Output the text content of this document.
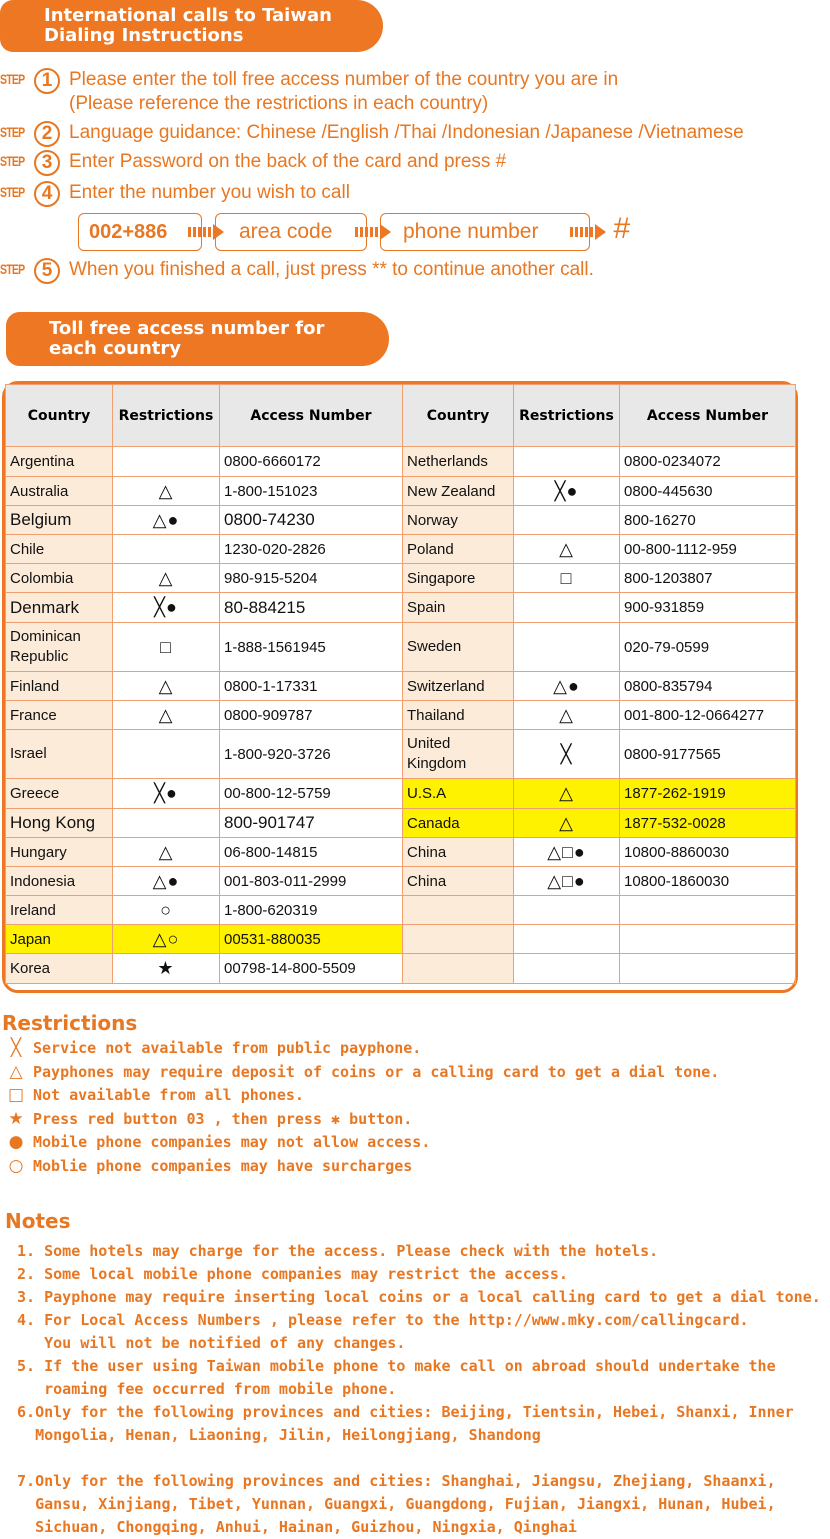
International calls to Taiwan
Dialing Instructions
STEP 1 Please enter the toll free access number of the country you are in
(Please reference the restrictions in each country)
STEP 2 Language guidance: Chinese /English /Thai /Indonesian /Japanese /Vietnamese
STEP 3 Enter Password on the back of the card and press #
STEP 4 Enter the number you wish to call
002+886	area code	phone number	#
STEP 5 When you finished a call, just press ** to continue another call.
Toll free access number for
each country
Country	Restrictions	Access Number	Country	Restrictions	Access Number
Argentina		0800-6660172	Netherlands		0800-0234072
Australia	△	1-800-151023	New Zealand	╳●	0800-445630
Belgium	△●	0800-74230	Norway		800-16270
Chile		1230-020-2826	Poland	△	00-800-1112-959
Colombia	△	980-915-5204	Singapore	□	800-1203807
Denmark	╳●	80-884215	Spain		900-931859
Dominican Republic	□	1-888-1561945	Sweden		020-79-0599
Finland	△	0800-1-17331	Switzerland	△●	0800-835794
France	△	0800-909787	Thailand	△	001-800-12-0664277
Israel		1-800-920-3726	United Kingdom	╳	0800-9177565
Greece	╳●	00-800-12-5759	U.S.A	△	1877-262-1919
Hong Kong		800-901747	Canada	△	1877-532-0028
Hungary	△	06-800-14815	China	△□●	10800-8860030
Indonesia	△●	001-803-011-2999	China	△□●	10800-1860030
Ireland	○	1-800-620319			
Japan	△○	00531-880035			
Korea	★	00798-14-800-5509			
Restrictions
╳ Service not available from public payphone.
△ Payphones may require deposit of coins or a calling card to get a dial tone.
□ Not available from all phones.
★ Press red button 03 , then press ✱ button.
● Mobile phone companies may not allow access.
○ Moblie phone companies may have surcharges
Notes
1. Some hotels may charge for the access. Please check with the hotels.
2. Some local mobile phone companies may restrict the access.
3. Payphone may require inserting local coins or a local calling card to get a dial tone.
4. For Local Access Numbers , please refer to the http://www.mky.com/callingcard.
You will not be notified of any changes.
5. If the user using Taiwan mobile phone to make call on abroad should undertake the
roaming fee occurred from mobile phone.
6.Only for the following provinces and cities: Beijing, Tientsin, Hebei, Shanxi, Inner
Mongolia, Henan, Liaoning, Jilin, Heilongjiang, Shandong
7.Only for the following provinces and cities: Shanghai, Jiangsu, Zhejiang, Shaanxi,
Gansu, Xinjiang, Tibet, Yunnan, Guangxi, Guangdong, Fujian, Jiangxi, Hunan, Hubei,
Sichuan, Chongqing, Anhui, Hainan, Guizhou, Ningxia, Qinghai
